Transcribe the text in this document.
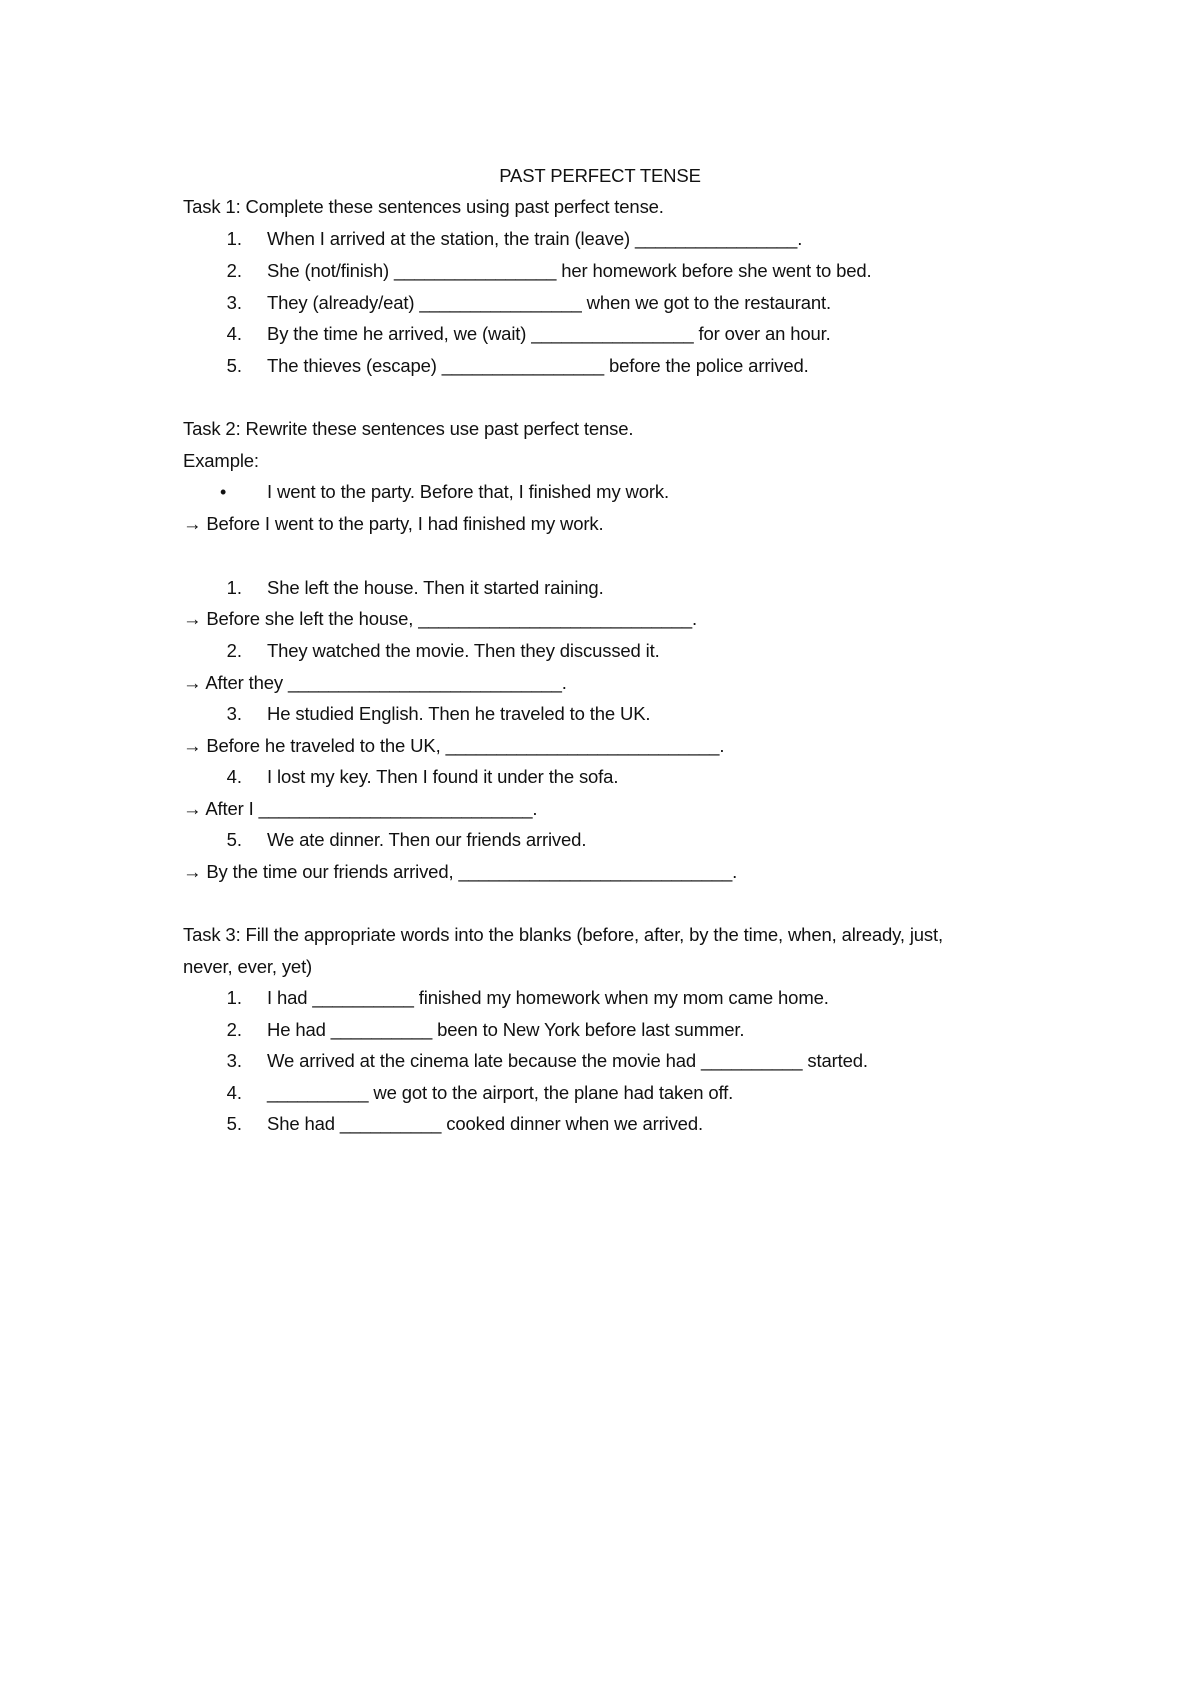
PAST PERFECT TENSE
Task 1: Complete these sentences using past perfect tense.
1. When I arrived at the station, the train (leave) ________________.
2. She (not/finish) ________________ her homework before she went to bed.
3. They (already/eat) ________________ when we got to the restaurant.
4. By the time he arrived, we (wait) ________________ for over an hour.
5. The thieves (escape) ________________ before the police arrived.
Task 2: Rewrite these sentences use past perfect tense.
Example:
• I went to the party. Before that, I finished my work.
→ Before I went to the party, I had finished my work.
1. She left the house. Then it started raining.
→ Before she left the house, ___________________________.
2. They watched the movie. Then they discussed it.
→ After they ___________________________.
3. He studied English. Then he traveled to the UK.
→ Before he traveled to the UK, ___________________________.
4. I lost my key. Then I found it under the sofa.
→ After I ___________________________.
5. We ate dinner. Then our friends arrived.
→ By the time our friends arrived, ___________________________.
Task 3: Fill the appropriate words into the blanks (before, after, by the time, when, already, just,
never, ever, yet)
1. I had __________ finished my homework when my mom came home.
2. He had __________ been to New York before last summer.
3. We arrived at the cinema late because the movie had __________ started.
4. __________ we got to the airport, the plane had taken off.
5. She had __________ cooked dinner when we arrived.
